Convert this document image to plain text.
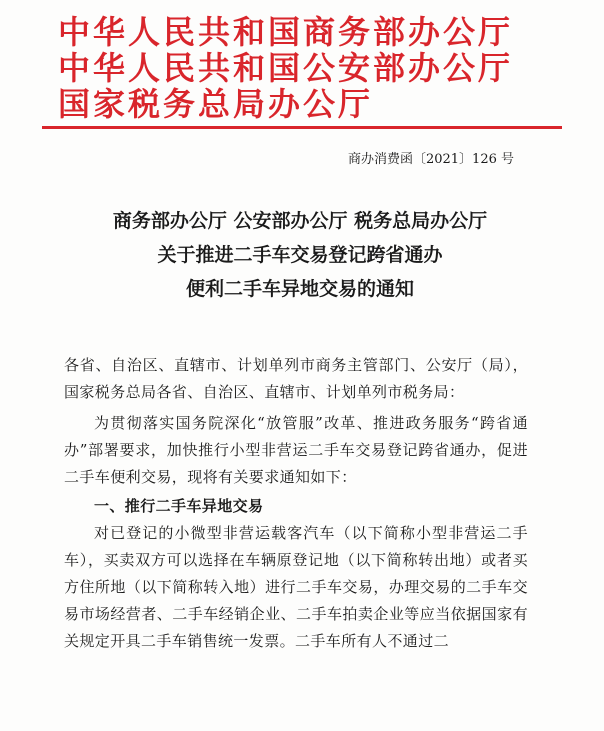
中华人民共和国商务部办公厅
中华人民共和国公安部办公厅
国家税务总局办公厅
商办消费函〔2021〕126 号
商务部办公厅 公安部办公厅 税务总局办公厅
关于推进二手车交易登记跨省通办
便利二手车异地交易的通知

各省、自治区、直辖市、计划单列市商务主管部门、公安厅（局），国家税务总局各省、自治区、直辖市、计划单列市税务局：

为贯彻落实国务院深化“放管服”改革、推进政务服务“跨省通办”部署要求，加快推行小型非营运二手车交易登记跨省通办，促进二手车便利交易，现将有关要求通知如下：

一、推行二手车异地交易

对已登记的小微型非营运载客汽车（以下简称小型非营运二手车），买卖双方可以选择在车辆原登记地（以下简称转出地）或者买方住所地（以下简称转入地）进行二手车交易，办理交易的二手车交易市场经营者、二手车经销企业、二手车拍卖企业等应当依据国家有关规定开具二手车销售统一发票。二手车所有人不通过二
